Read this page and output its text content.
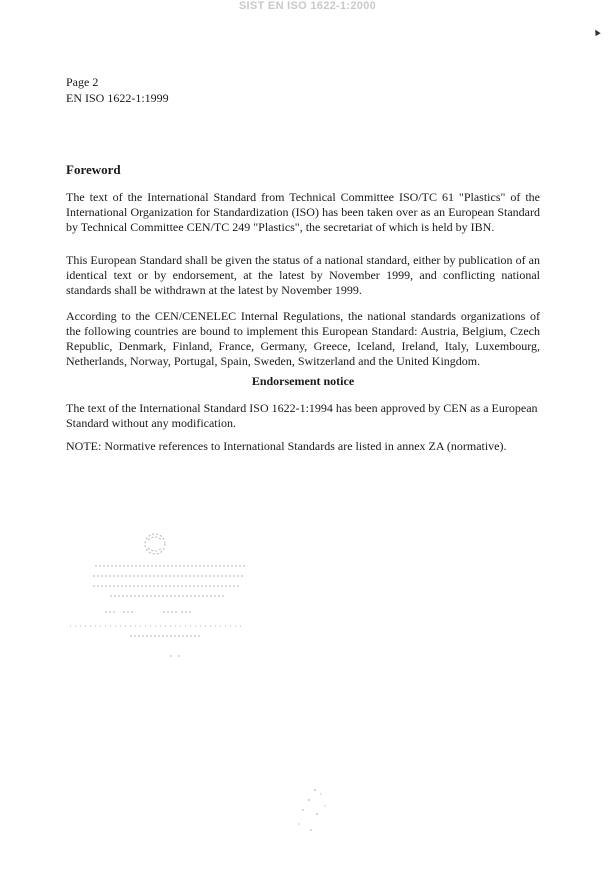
SIST EN ISO 1622-1:2000
▲
Page 2
EN ISO 1622-1:1999
Foreword
The text of the International Standard from Technical Committee ISO/TC 61 "Plastics" of the International Organization for Standardization (ISO) has been taken over as an European Standard by Technical Committee CEN/TC 249 "Plastics", the secretariat of which is held by IBN.
This European Standard shall be given the status of a national standard, either by publication of an identical text or by endorsement, at the latest by November 1999, and conflicting national standards shall be withdrawn at the latest by November 1999.
According to the CEN/CENELEC Internal Regulations, the national standards organizations of the following countries are bound to implement this European Standard: Austria, Belgium, Czech Republic, Denmark, Finland, France, Germany, Greece, Iceland, Ireland, Italy, Luxembourg, Netherlands, Norway, Portugal, Spain, Sweden, Switzerland and the United Kingdom.
Endorsement notice
The text of the International Standard ISO 1622-1:1994 has been approved by CEN as a European Standard without any modification.
NOTE: Normative references to International Standards are listed in annex ZA (normative).
